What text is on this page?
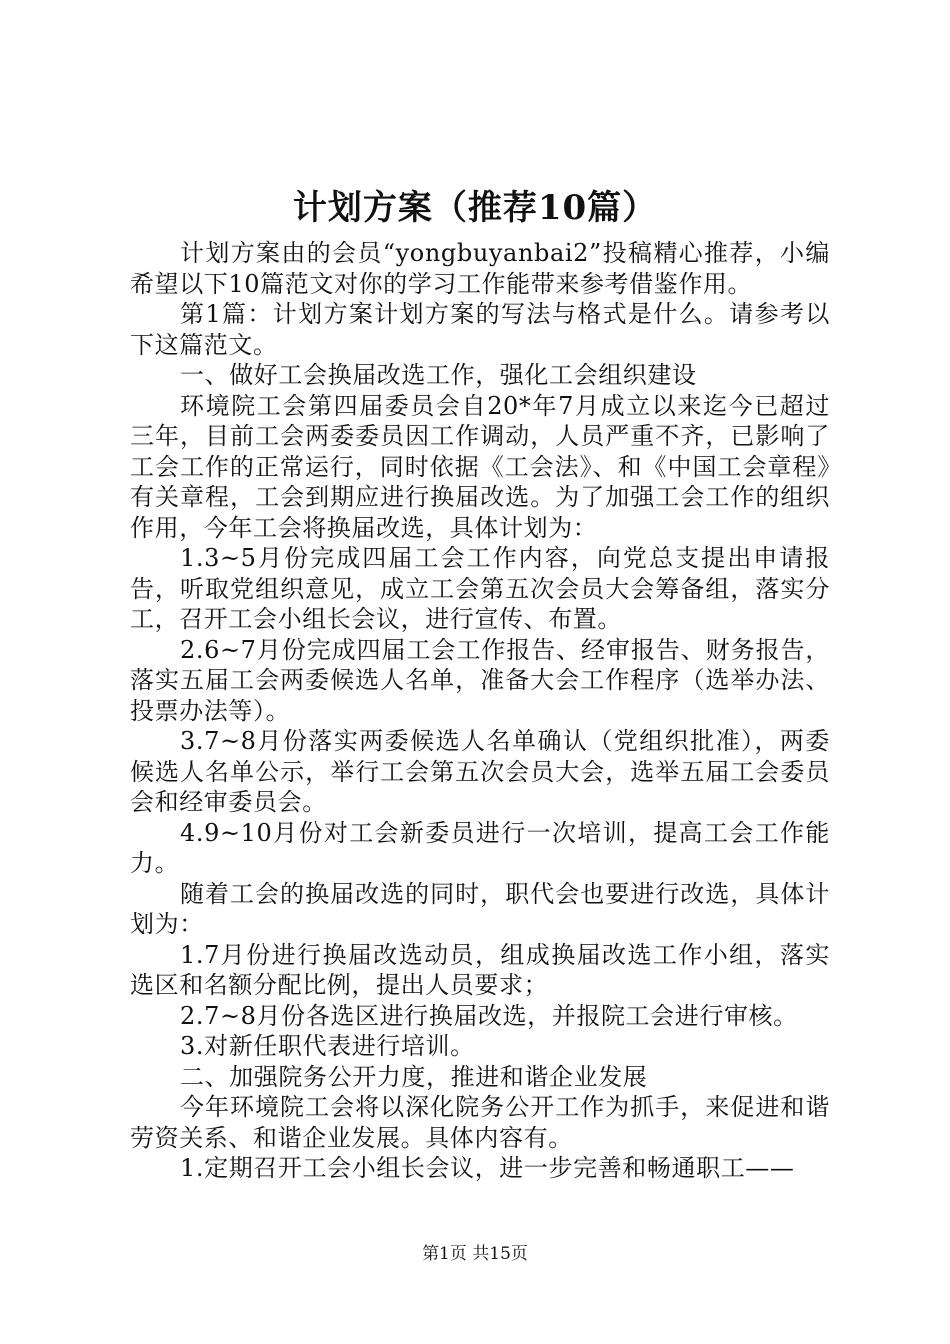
计划方案（推荐10篇）

计划方案由的会员“yongbuyanbai2”投稿精心推荐，小编希望以下10篇范文对你的学习工作能带来参考借鉴作用。

第1篇：计划方案计划方案的写法与格式是什么。请参考以下这篇范文。

一、做好工会换届改选工作，强化工会组织建设

环境院工会第四届委员会自20*年7月成立以来迄今已超过三年，目前工会两委委员因工作调动，人员严重不齐，已影响了工会工作的正常运行，同时依据《工会法》、和《中国工会章程》有关章程，工会到期应进行换届改选。为了加强工会工作的组织作用，今年工会将换届改选，具体计划为：

1.3~5月份完成四届工会工作内容，向党总支提出申请报告，听取党组织意见，成立工会第五次会员大会筹备组，落实分工，召开工会小组长会议，进行宣传、布置。

2.6~7月份完成四届工会工作报告、经审报告、财务报告，落实五届工会两委候选人名单，准备大会工作程序（选举办法、投票办法等）。

3.7~8月份落实两委候选人名单确认（党组织批准），两委候选人名单公示，举行工会第五次会员大会，选举五届工会委员会和经审委员会。

4.9~10月份对工会新委员进行一次培训，提高工会工作能力。

随着工会的换届改选的同时，职代会也要进行改选，具体计划为：

1.7月份进行换届改选动员，组成换届改选工作小组，落实选区和名额分配比例，提出人员要求；

2.7~8月份各选区进行换届改选，并报院工会进行审核。

3.对新任职代表进行培训。

二、加强院务公开力度，推进和谐企业发展

今年环境院工会将以深化院务公开工作为抓手，来促进和谐劳资关系、和谐企业发展。具体内容有。

1.定期召开工会小组长会议，进一步完善和畅通职工——

第1页 共15页
